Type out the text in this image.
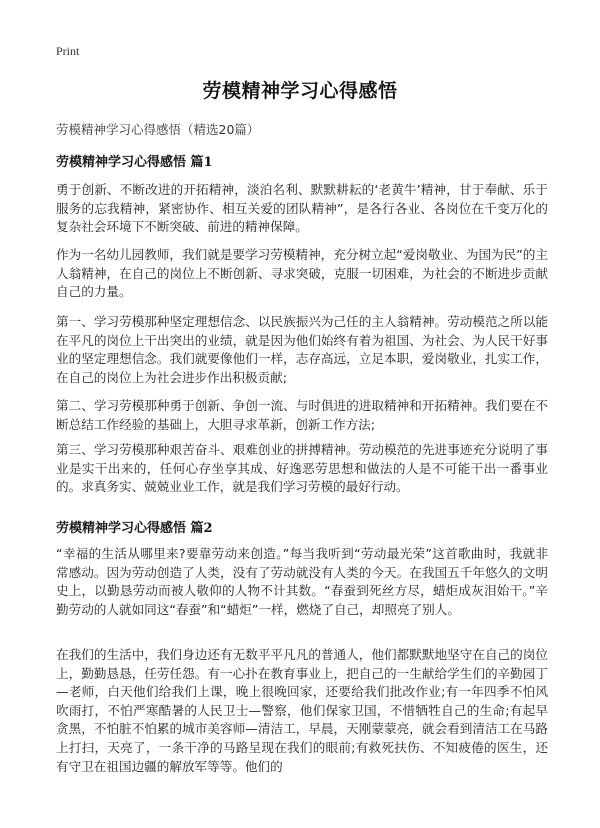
Print
劳模精神学习心得感悟
劳模精神学习心得感悟（精选20篇）
劳模精神学习心得感悟 篇1

勇于创新、不断改进的开拓精神，淡泊名利、默默耕耘的‘老黄牛’精神，甘于奉献、乐于服务的忘我精神，紧密协作、相互关爱的团队精神”，是各行各业、各岗位在千变万化的复杂社会环境下不断突破、前进的精神保障。

作为一名幼儿园教师，我们就是要学习劳模精神，充分树立起“爱岗敬业、为国为民”的主人翁精神，在自己的岗位上不断创新、寻求突破，克服一切困难，为社会的不断进步贡献自己的力量。

第一、学习劳模那种坚定理想信念、以民族振兴为己任的主人翁精神。劳动模范之所以能在平凡的岗位上干出突出的业绩，就是因为他们始终有着为祖国、为社会、为人民干好事业的坚定理想信念。我们就要像他们一样，志存高远，立足本职，爱岗敬业，扎实工作，在自己的岗位上为社会进步作出积极贡献;

第二、学习劳模那种勇于创新、争创一流、与时俱进的进取精神和开拓精神。我们要在不断总结工作经验的基础上，大胆寻求革新，创新工作方法;

第三、学习劳模那种艰苦奋斗、艰难创业的拼搏精神。劳动模范的先进事迹充分说明了事业是实干出来的，任何心存坐享其成、好逸恶劳思想和做法的人是不可能干出一番事业的。求真务实、兢兢业业工作，就是我们学习劳模的最好行动。

劳模精神学习心得感悟 篇2

“幸福的生活从哪里来?要靠劳动来创造。”每当我听到“劳动最光荣”这首歌曲时，我就非常感动。因为劳动创造了人类，没有了劳动就没有人类的今天。在我国五千年悠久的文明史上，以勤恳劳动而被人敬仰的人物不计其数。“春蚕到死丝方尽，蜡炬成灰泪始干。”辛勤劳动的人就如同这“春蚕”和“蜡炬”一样，燃烧了自己，却照亮了别人。

在我们的生活中，我们身边还有无数平平凡凡的普通人，他们都默默地坚守在自己的岗位上，勤勤恳恳，任劳任怨。有一心扑在教育事业上，把自己的一生献给学生们的辛勤园丁—老师，白天他们给我们上课，晚上很晚回家，还要给我们批改作业;有一年四季不怕风吹雨打，不怕严寒酷暑的人民卫士—警察，他们保家卫国，不惜牺牲自己的生命;有起早贪黑，不怕脏不怕累的城市美容师—清洁工，早晨，天刚蒙蒙亮，就会看到清洁工在马路上打扫，天亮了，一条干净的马路呈现在我们的眼前;有救死扶伤、不知疲倦的医生，还有守卫在祖国边疆的解放军等等。他们的
